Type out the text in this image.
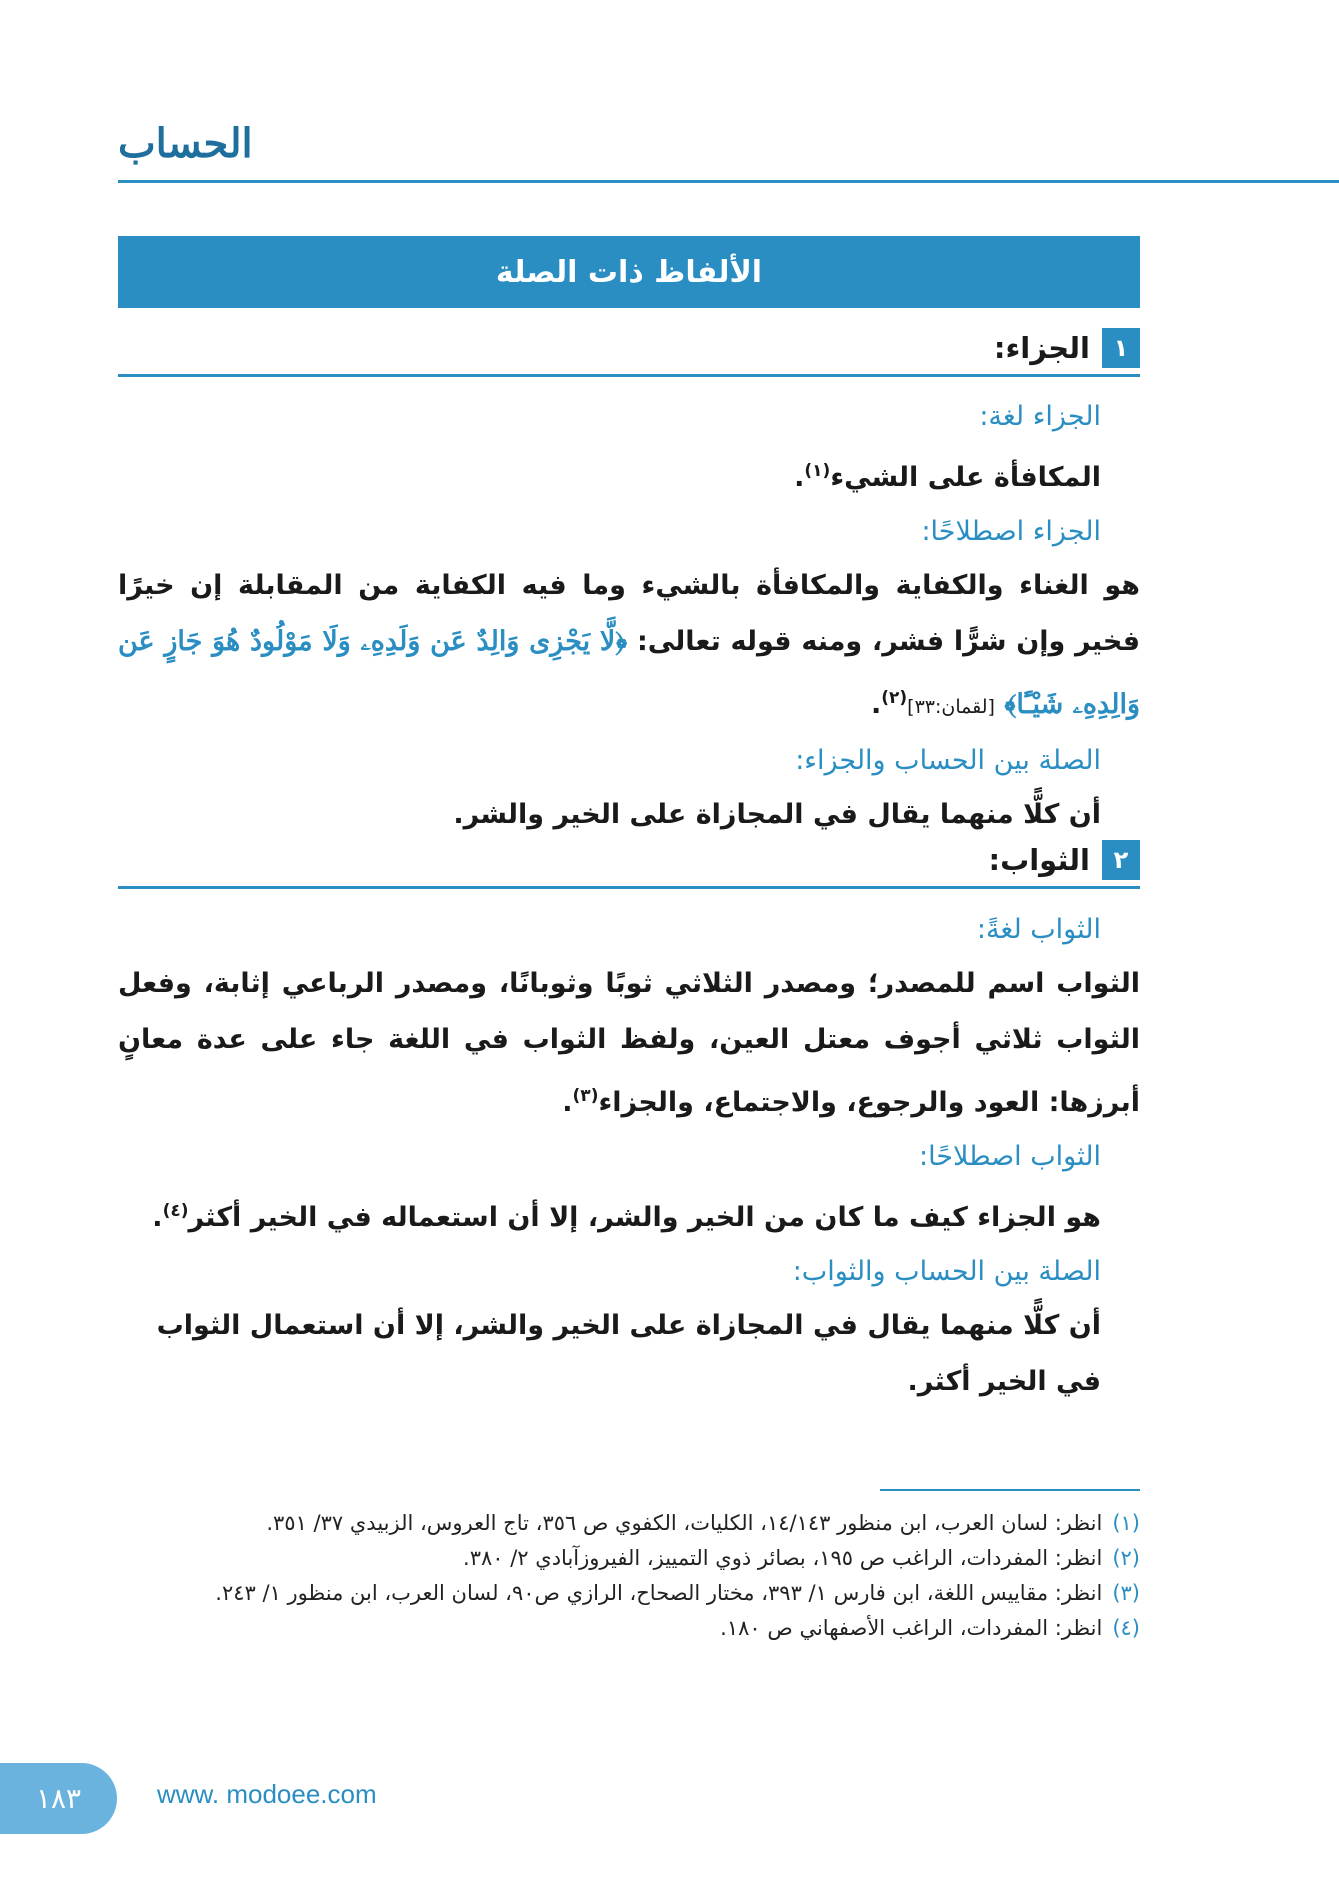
الحساب
الألفاظ ذات الصلة
١
الجزاء:
الجزاء لغة:
المكافأة على الشيء$^{(١)}$.
الجزاء اصطلاحًا:
هو الغناء والكفاية والمكافأة بالشيء وما فيه الكفاية من المقابلة إن خيرًا فخير وإن شرًّا فشر، ومنه قوله تعالى: ﴿لَّا يَجْزِى وَالِدٌ عَن وَلَدِهِۦ وَلَا مَوْلُودٌ هُوَ جَازٍ عَن وَالِدِهِۦ شَيْـًٔا﴾ [لقمان:٣٣]$^{(٢)}$.
الصلة بين الحساب والجزاء:
أن كلًّا منهما يقال في المجازاة على الخير والشر.
٢
الثواب:
الثواب لغةً:
الثواب اسم للمصدر؛ ومصدر الثلاثي ثوبًا وثوبانًا، ومصدر الرباعي إثابة، وفعل الثواب ثلاثي أجوف معتل العين، ولفظ الثواب في اللغة جاء على عدة معانٍ أبرزها: العود والرجوع، والاجتماع، والجزاء$^{(٣)}$.
الثواب اصطلاحًا:
هو الجزاء كيف ما كان من الخير والشر، إلا أن استعماله في الخير أكثر$^{(٤)}$.
الصلة بين الحساب والثواب:
أن كلًّا منهما يقال في المجازاة على الخير والشر، إلا أن استعمال الثواب في الخير أكثر.
(١)
انظر: لسان العرب، ابن منظور ١٤/١٤٣، الكليات، الكفوي ص ٣٥٦، تاج العروس، الزبيدي ٣٧/ ٣٥١.
(٢)
انظر: المفردات، الراغب ص ١٩٥، بصائر ذوي التمييز، الفيروزآبادي ٢/ ٣٨٠.
(٣)
انظر: مقاييس اللغة، ابن فارس ١/ ٣٩٣، مختار الصحاح، الرازي ص٩٠، لسان العرب، ابن منظور ١/ ٢٤٣.
(٤)
انظر: المفردات، الراغب الأصفهاني ص ١٨٠.
١٨٣	www. modoee.com
